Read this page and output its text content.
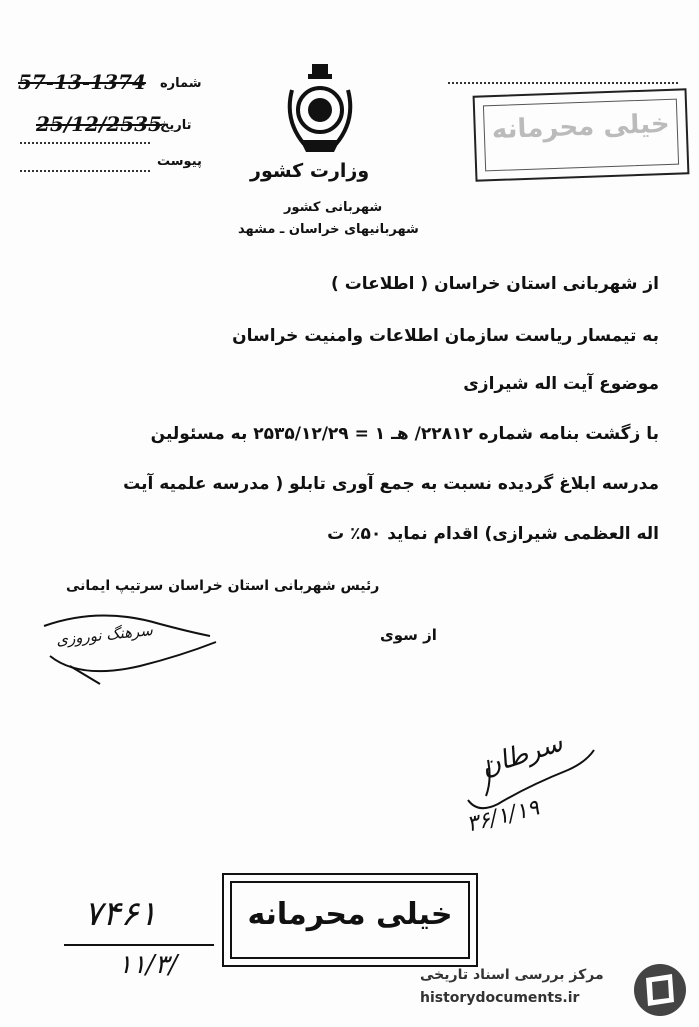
شماره
57-13-1374
تاریخ
25/12/2535
پیوست	وزارت کشور
شهربانی کشور
شهربانیهای خراسان ـ مشهد
خیلی محرمانه
از شهربانی استان خراسان ( اطلاعات )
به تیمسار ریاست سازمان اطلاعات وامنیت خراسان
موضوع آیت اله شیرازی
با زگشت بنامه شماره ۲۲۸۱۲/ هـ ۱ = ۲۵۳۵/۱۲/۲۹ به مسئولین
مدرسه ابلاغ گردیده نسبت به جمع آوری تابلو ( مدرسه علمیه آیت
اله العظمی شیرازی) اقدام نماید ۵۰٪ ت
رئیس شهربانی استان خراسان سرتیپ ایمانی
از سوی
سرهنگ نوروزی
سرطان
۳۶/۱/۱۹
خیلی محرمانه
۷۴۶۱
۱۱/۳/	مرکز بررسی اسناد تاریخی
historydocuments.ir
